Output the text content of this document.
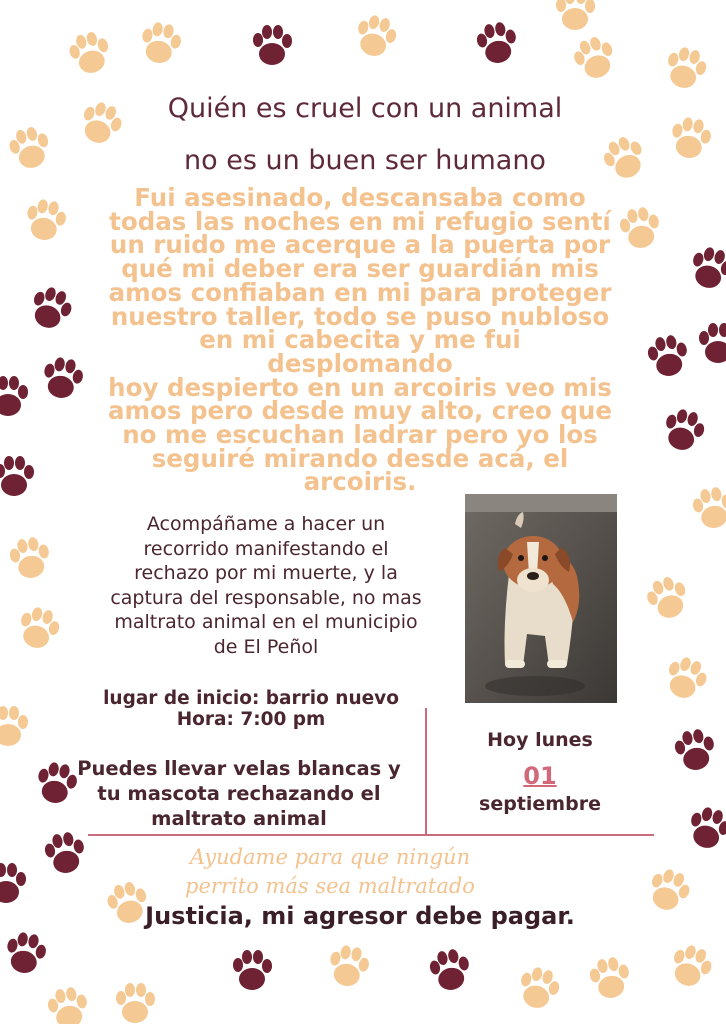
Quién es cruel con un animal
no es un buen ser humano
Fui asesinado, descansaba como
todas las noches en mi refugio sentí
un ruido me acerque a la puerta por
qué mi deber era ser guardián mis
amos confiaban en mi para proteger
nuestro taller, todo se puso nubloso
en mi cabecita y me fui desplomando
hoy despierto en un arcoiris veo mis
amos pero desde muy alto, creo que
no me escuchan ladrar pero yo los
seguiré mirando desde acá, el
arcoiris.
Acompáñame a hacer un
recorrido manifestando el
rechazo por mi muerte, y la
captura del responsable, no mas
maltrato animal en el municipio
de El Peñol
lugar de inicio: barrio nuevo
Hora: 7:00 pm
Hoy lunes
01
septiembre
Puedes llevar velas blancas y
tu mascota rechazando el
maltrato animal
Ayudame para que ningún
perrito más sea maltratado
Justicia, mi agresor debe pagar.
